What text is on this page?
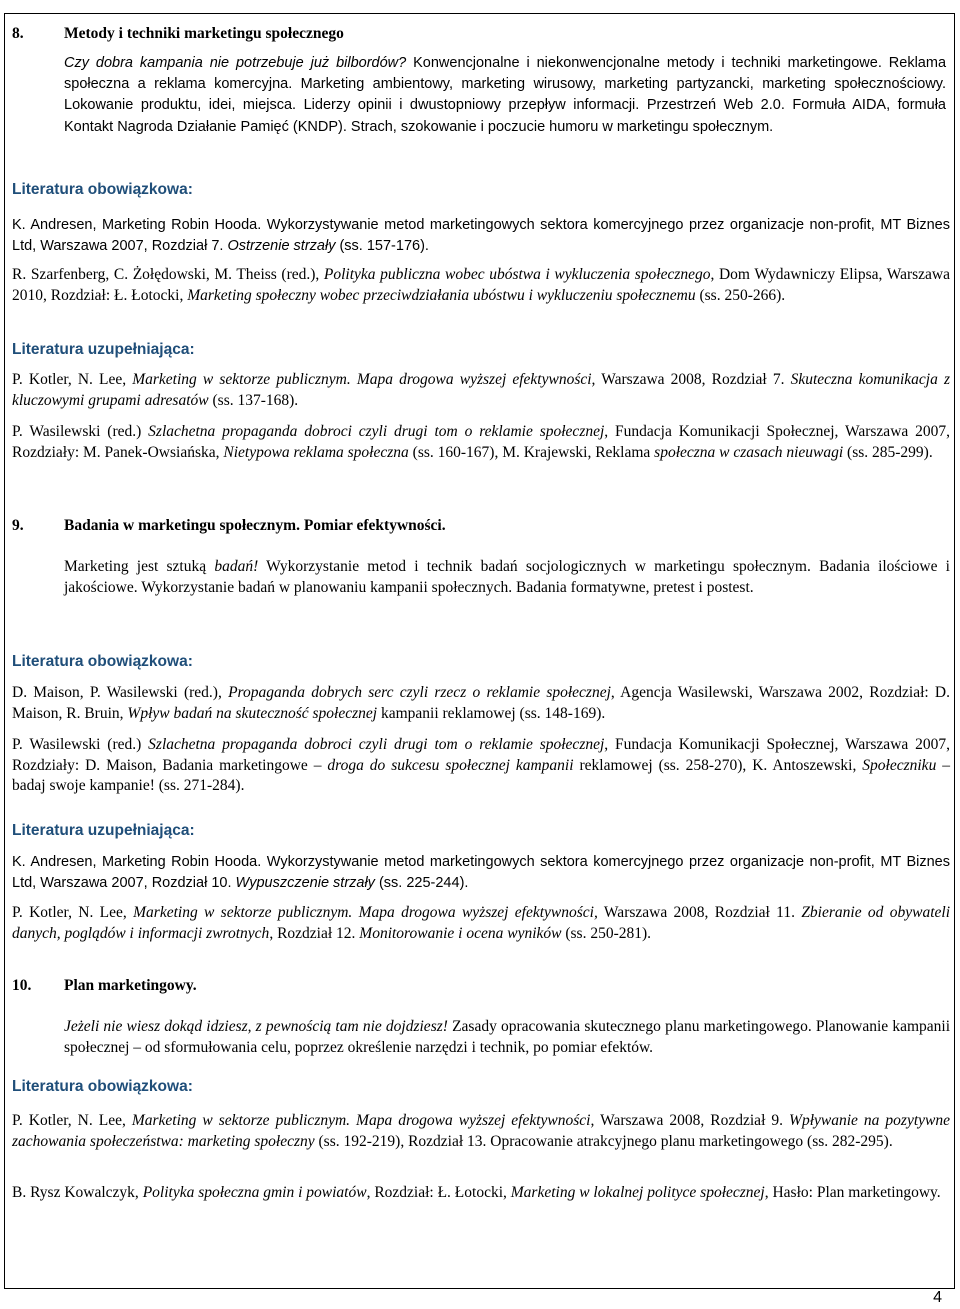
8.	Metody i techniki marketingu społecznego
Czy dobra kampania nie potrzebuje już bilbordów? Konwencjonalne i niekonwencjonalne metody i techniki marketingowe. Reklama społeczna a reklama komercyjna. Marketing ambientowy, marketing wirusowy, marketing partyzancki, marketing społecznościowy. Lokowanie produktu, idei, miejsca. Liderzy opinii i dwustopniowy przepływ informacji. Przestrzeń Web 2.0. Formuła AIDA, formuła Kontakt Nagroda Działanie Pamięć (KNDP). Strach, szokowanie i poczucie humoru w marketingu społecznym.
Literatura obowiązkowa:
K. Andresen, Marketing Robin Hooda. Wykorzystywanie metod marketingowych sektora komercyjnego przez organizacje non-profit, MT Biznes Ltd, Warszawa 2007, Rozdział 7. Ostrzenie strzały (ss. 157-176).
R. Szarfenberg, C. Żołędowski, M. Theiss (red.), Polityka publiczna wobec ubóstwa i wykluczenia społecznego, Dom Wydawniczy Elipsa, Warszawa 2010, Rozdział: Ł. Łotocki, Marketing społeczny wobec przeciwdziałania ubóstwu i wykluczeniu społecznemu (ss. 250-266).
Literatura uzupełniająca:
P. Kotler, N. Lee, Marketing w sektorze publicznym. Mapa drogowa wyższej efektywności, Warszawa 2008, Rozdział 7. Skuteczna komunikacja z kluczowymi grupami adresatów (ss. 137-168).
P. Wasilewski (red.) Szlachetna propaganda dobroci czyli drugi tom o reklamie społecznej, Fundacja Komunikacji Społecznej, Warszawa 2007, Rozdziały: M. Panek-Owsiańska, Nietypowa reklama społeczna (ss. 160-167), M. Krajewski, Reklama społeczna w czasach nieuwagi (ss. 285-299).
9.	Badania w marketingu społecznym. Pomiar efektywności.
Marketing jest sztuką badań! Wykorzystanie metod i technik badań socjologicznych w marketingu społecznym. Badania ilościowe i jakościowe. Wykorzystanie badań w planowaniu kampanii społecznych. Badania formatywne, pretest i postest.
Literatura obowiązkowa:
D. Maison, P. Wasilewski (red.), Propaganda dobrych serc czyli rzecz o reklamie społecznej, Agencja Wasilewski, Warszawa 2002, Rozdział: D. Maison, R. Bruin, Wpływ badań na skuteczność społecznej kampanii reklamowej (ss. 148-169).
P. Wasilewski (red.) Szlachetna propaganda dobroci czyli drugi tom o reklamie społecznej, Fundacja Komunikacji Społecznej, Warszawa 2007, Rozdziały: D. Maison, Badania marketingowe – droga do sukcesu społecznej kampanii reklamowej (ss. 258-270), K. Antoszewski, Społeczniku – badaj swoje kampanie! (ss. 271-284).
Literatura uzupełniająca:
K. Andresen, Marketing Robin Hooda. Wykorzystywanie metod marketingowych sektora komercyjnego przez organizacje non-profit, MT Biznes Ltd, Warszawa 2007, Rozdział 10. Wypuszczenie strzały (ss. 225-244).
P. Kotler, N. Lee, Marketing w sektorze publicznym. Mapa drogowa wyższej efektywności, Warszawa 2008, Rozdział 11. Zbieranie od obywateli danych, poglądów i informacji zwrotnych, Rozdział 12. Monitorowanie i ocena wyników (ss. 250-281).
10. Plan marketingowy.
Jeżeli nie wiesz dokąd idziesz, z pewnością tam nie dojdziesz! Zasady opracowania skutecznego planu marketingowego. Planowanie kampanii społecznej – od sformułowania celu, poprzez określenie narzędzi i technik, po pomiar efektów.
Literatura obowiązkowa:
P. Kotler, N. Lee, Marketing w sektorze publicznym. Mapa drogowa wyższej efektywności, Warszawa 2008, Rozdział 9. Wpływanie na pozytywne zachowania społeczeństwa: marketing społeczny (ss. 192-219), Rozdział 13. Opracowanie atrakcyjnego planu marketingowego (ss. 282-295).
B. Rysz Kowalczyk, Polityka społeczna gmin i powiatów, Rozdział: Ł. Łotocki, Marketing w lokalnej polityce społecznej, Hasło: Plan marketingowy.
4
